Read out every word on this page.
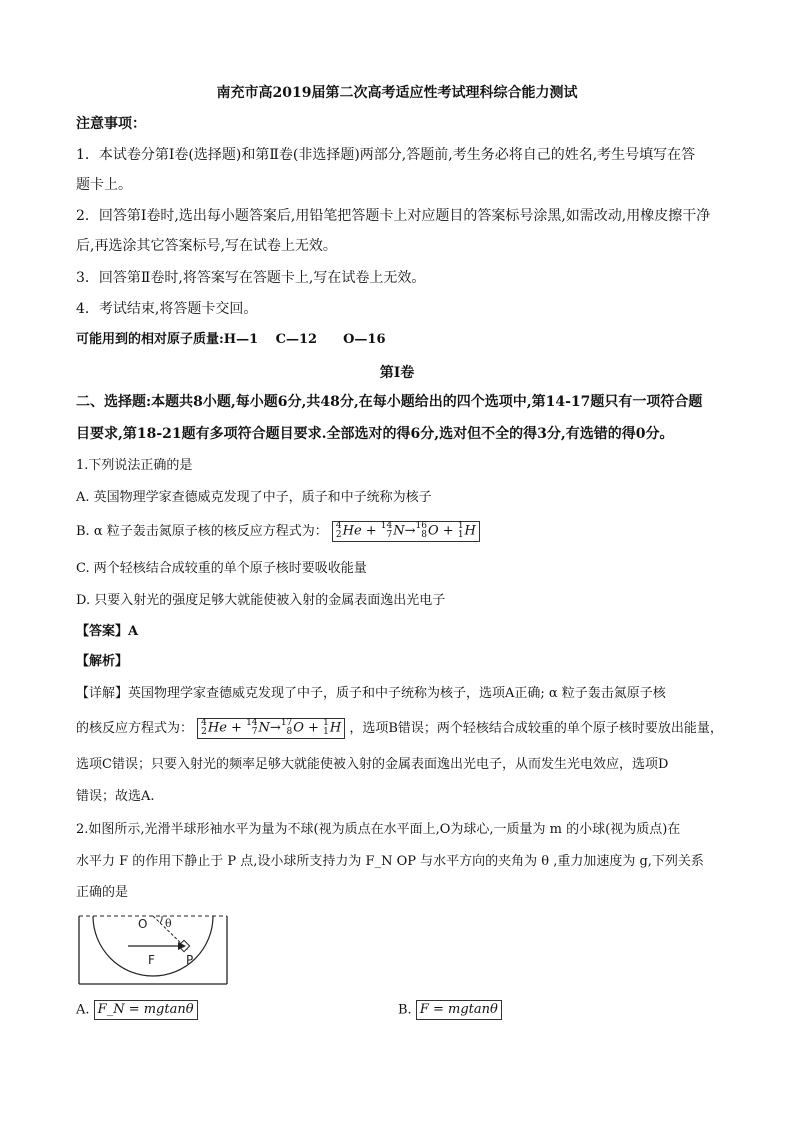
南充市高2019届第二次高考适应性考试理科综合能力测试
注意事项：
1．本试卷分第Ⅰ卷(选择题)和第Ⅱ卷(非选择题)两部分,答题前,考生务必将自己的姓名,考生号填写在答
题卡上。
2．回答第Ⅰ卷时,选出每小题答案后,用铅笔把答题卡上对应题目的答案标号涂黑,如需改动,用橡皮擦干净
后,再选涂其它答案标号,写在试卷上无效。
3．回答第Ⅱ卷时,将答案写在答题卡上,写在试卷上无效。
4．考试结束,将答题卡交回。
可能用到的相对原子质量:H—1　 C—12　　O—16
第Ⅰ卷
二、选择题:本题共8小题,每小题6分,共48分,在每小题给出的四个选项中,第14-17题只有一项符合题
目要求,第18-21题有多项符合题目要求.全部选对的得6分,选对但不全的得3分,有选错的得0分。
1.下列说法正确的是
A. 英国物理学家查德威克发现了中子，质子和中子统称为核子
B. α 粒子轰击氮原子核的核反应方程式为： 4
2 He + 14
7 N→ 16
8 O + 1
1 H
C. 两个轻核结合成较重的单个原子核时要吸收能量
D. 只要入射光的强度足够大就能使被入射的金属表面逸出光电子
【答案】A
【解析】
【详解】英国物理学家查德威克发现了中子，质子和中子统称为核子，选项A正确; α 粒子轰击氮原子核
的核反应方程式为： 4
2 He + 14
7 N→ 17
8 O + 1
1 H ，选项B错误；两个轻核结合成较重的单个原子核时要放出能量，
选项C错误；只要入射光的频率足够大就能使被入射的金属表面逸出光电子，从而发生光电效应，选项D
错误；故选A.
2.如图所示,光滑半球形袖水平为量为不球(视为质点在水平面上,O为球心,一质量为 m 的小球(视为质点)在
水平力 F 的作用下静止于 P 点,设小球所支持力为 F_N OP 与水平方向的夹角为 θ ,重力加速度为 g,下列关系
正确的是
O θ
F	P
A. F_N = mgtanθ	B. F = mgtanθ
